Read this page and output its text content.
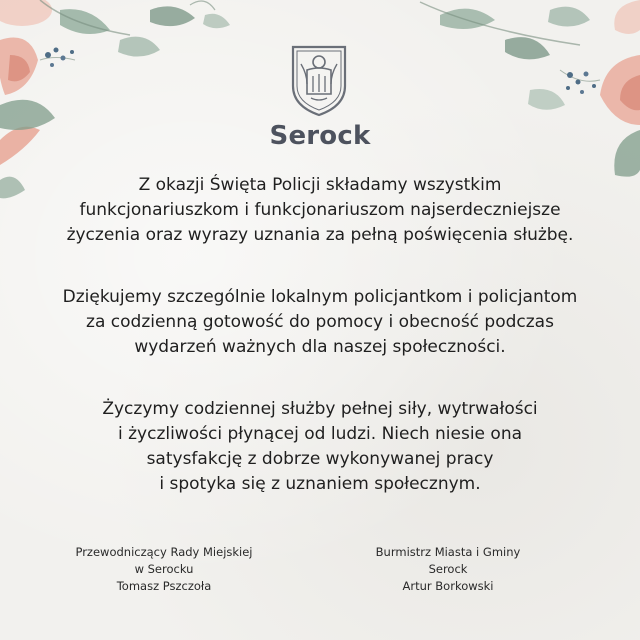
Serock
Z okazji Święta Policji składamy wszystkim
funkcjonariuszkom i funkcjonariuszom najserdeczniejsze
życzenia oraz wyrazy uznania za pełną poświęcenia służbę.
Dziękujemy szczególnie lokalnym policjantkom i policjantom
za codzienną gotowość do pomocy i obecność podczas
wydarzeń ważnych dla naszej społeczności.
Życzymy codziennej służby pełnej siły, wytrwałości
i życzliwości płynącej od ludzi. Niech niesie ona
satysfakcję z dobrze wykonywanej pracy
i spotyka się z uznaniem społecznym.
Przewodniczący Rady Miejskiej
w Serocku
Tomasz Pszczoła
Burmistrz Miasta i Gminy
Serock
Artur Borkowski
